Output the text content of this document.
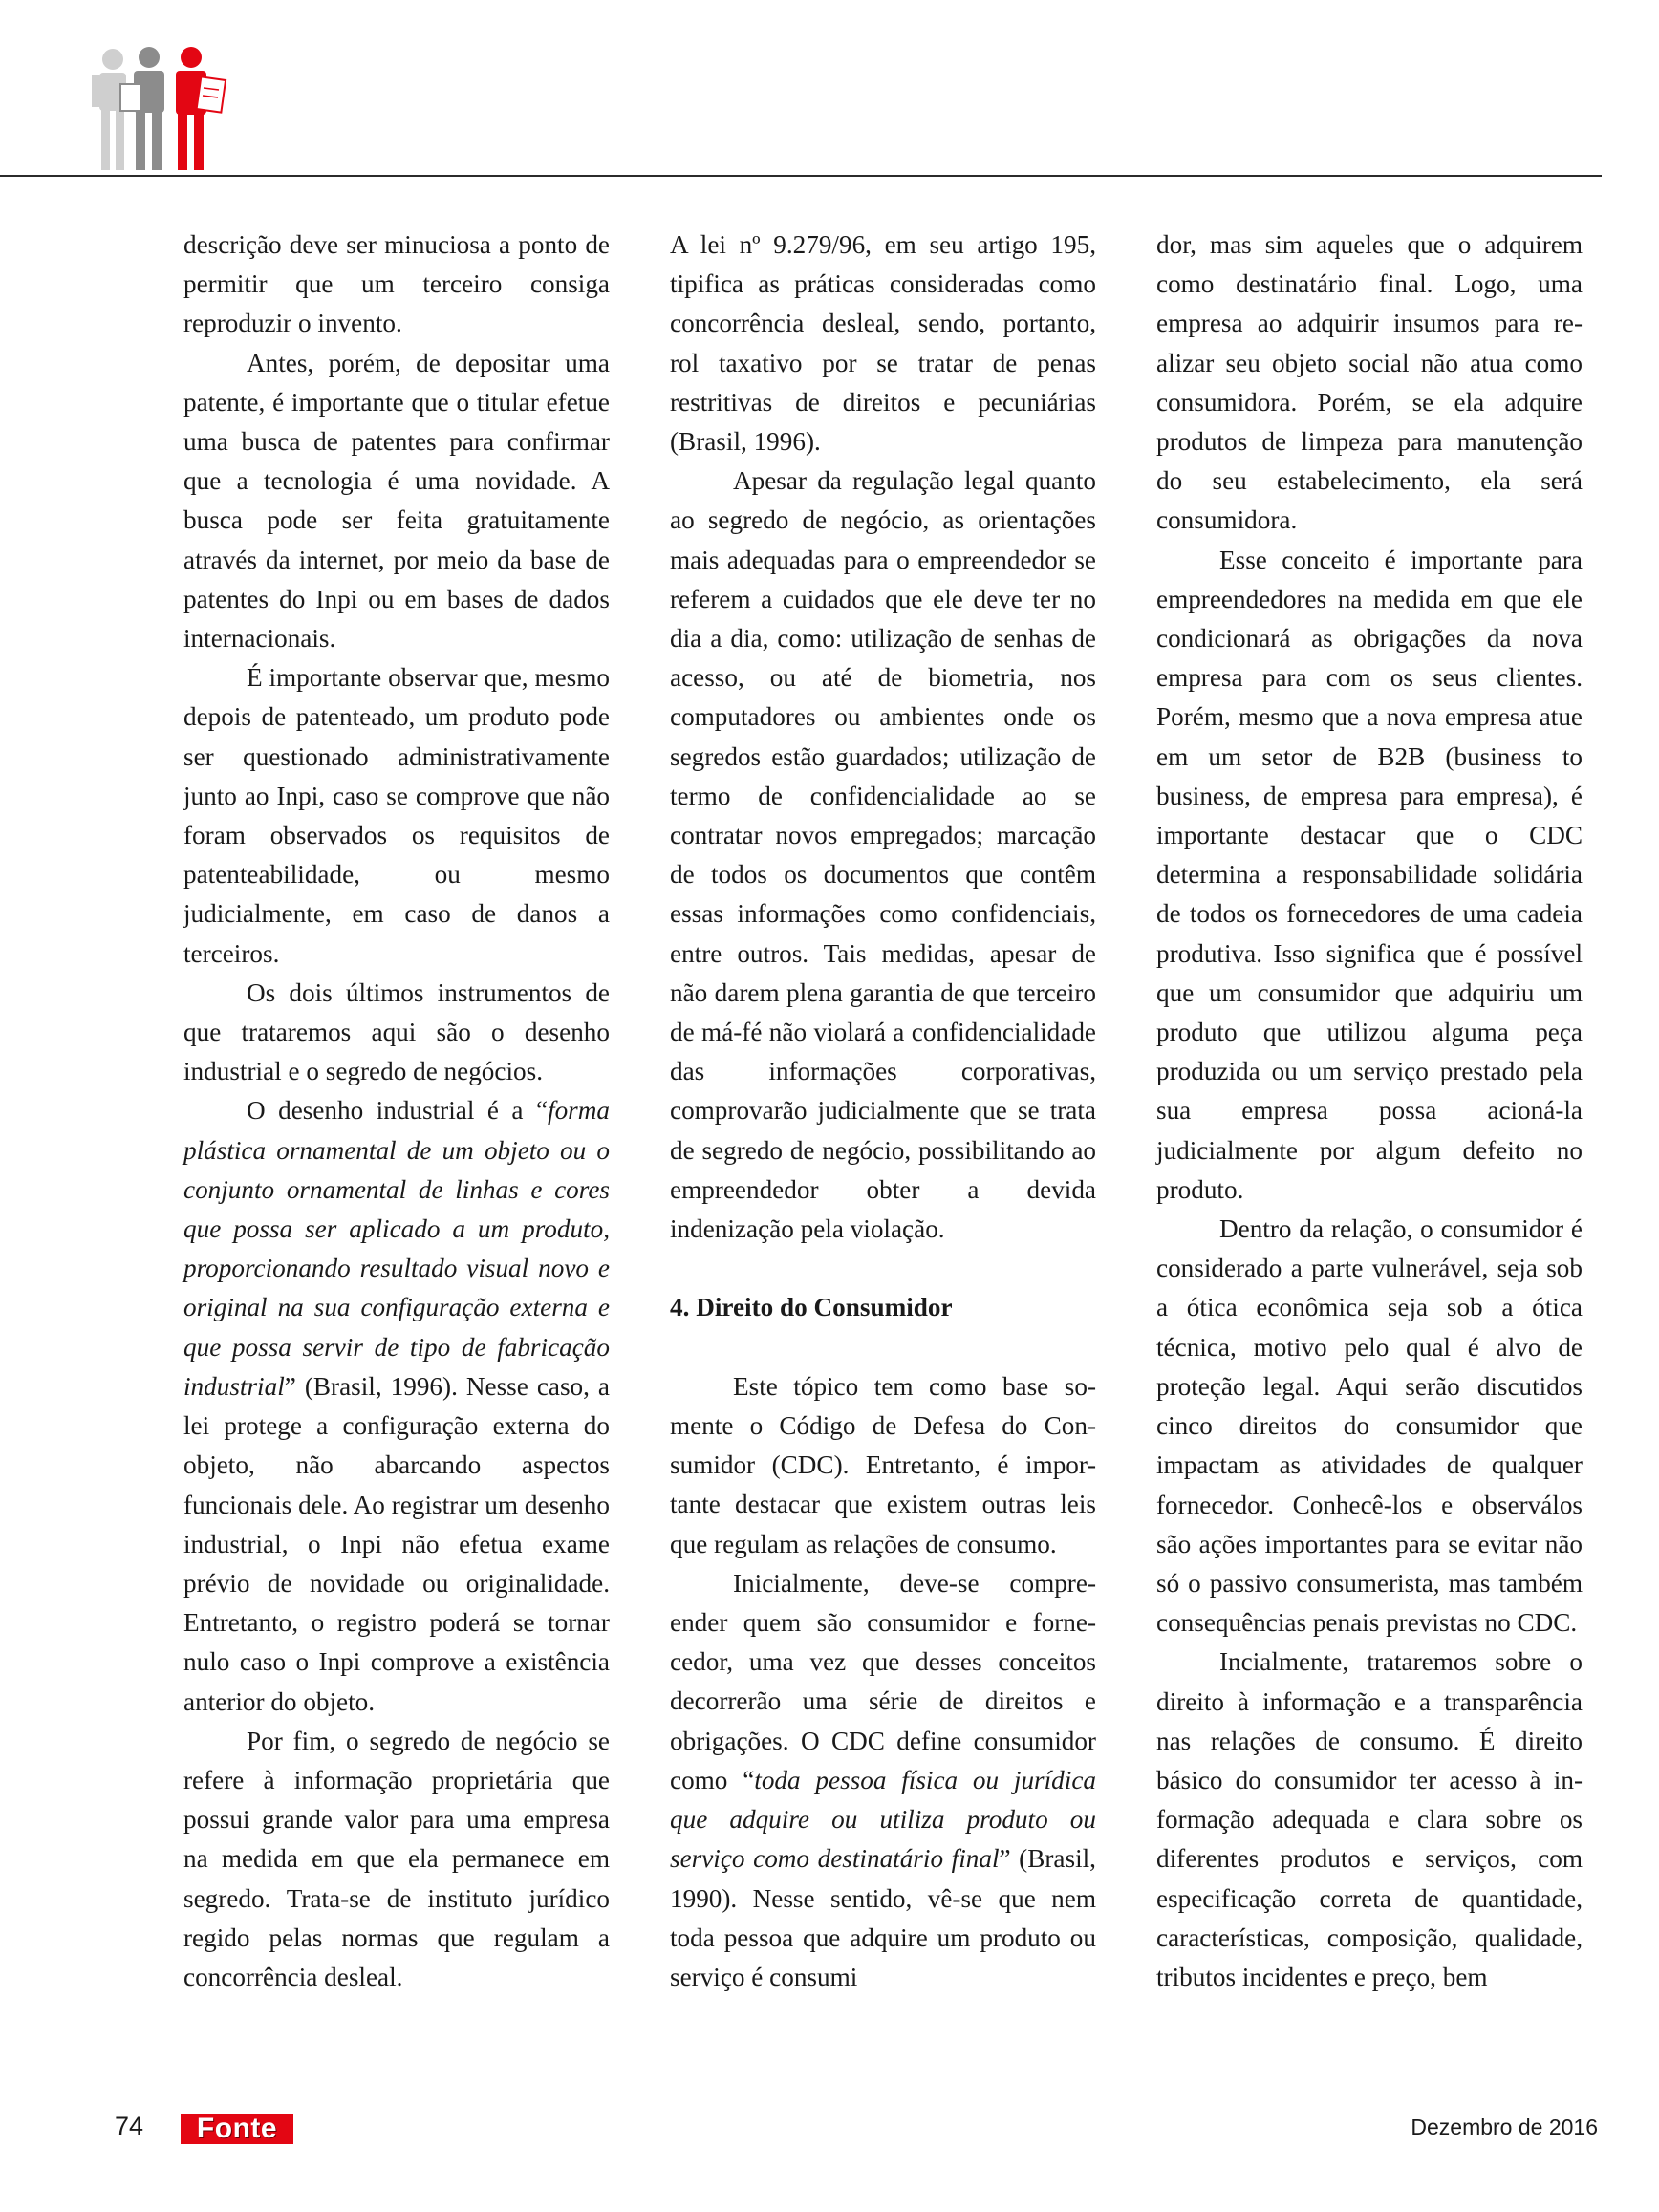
descrição deve ser minuciosa a ponto de permitir que um terceiro consiga reproduzir o invento.

Antes, porém, de depositar uma patente, é importante que o titular efetue uma busca de patentes para confirmar que a tecnologia é uma novidade. A busca pode ser feita gratuitamente através da internet, por meio da base de patentes do Inpi ou em bases de dados internacionais.

É importante observar que, mesmo depois de patenteado, um produto pode ser questionado administrativamente junto ao Inpi, caso se comprove que não foram observados os requisitos de patenteabilidade, ou mesmo judicialmente, em caso de danos a terceiros.

Os dois últimos instrumentos de que trataremos aqui são o desenho industrial e o segredo de negócios.

O desenho industrial é a “forma plástica ornamental de um objeto ou o conjunto ornamental de linhas e cores que possa ser aplicado a um produto, proporcionando resultado visual novo e original na sua configuração externa e que possa servir de tipo de fabricação industrial” (Brasil, 1996). Nesse caso, a lei protege a configuração externa do objeto, não abarcando aspectos funcionais dele. Ao registrar um desenho industrial, o Inpi não efetua exame prévio de novidade ou originalidade. Entretanto, o registro poderá se tornar nulo caso o Inpi comprove a existência anterior do objeto.

Por fim, o segredo de negócio se refere à informação proprietária que possui grande valor para uma empresa na medida em que ela permanece em segredo. Trata-se de instituto jurídico regido pelas normas que regulam a concorrência desleal.

A lei nº 9.279/96, em seu artigo 195, tipifica as práticas consideradas como concorrência desleal, sendo, portanto, rol taxativo por se tratar de penas restritivas de direitos e pecuniárias (Brasil, 1996).

Apesar da regulação legal quanto ao segredo de negócio, as orientações mais adequadas para o empreendedor se referem a cuidados que ele deve ter no dia a dia, como: utilização de senhas de acesso, ou até de biometria, nos computadores ou ambientes onde os segredos estão guardados; utilização de termo de confidencialidade ao se contratar novos empregados; marcação de todos os documentos que contêm essas informações como confidenciais, entre outros. Tais medidas, apesar de não darem plena garantia de que terceiro de má-fé não violará a confidencialidade das informações corporativas, comprovarão judicialmente que se trata de segredo de negócio, possibilitando ao empreendedor obter a devida indenização pela violação.

4. Direito do Consumidor

Este tópico tem como base somente o Código de Defesa do Consumidor (CDC). Entretanto, é importante destacar que existem outras leis que regulam as relações de consumo.

Inicialmente, deve-se compreender quem são consumidor e fornecedor, uma vez que desses conceitos decorrerão uma série de direitos e obrigações. O CDC define consumidor como “toda pessoa física ou jurídica que adquire ou utiliza produto ou serviço como destinatário final” (Brasil, 1990). Nesse sentido, vê-se que nem toda pessoa que adquire um produto ou serviço é consumi

dor, mas sim aqueles que o adquirem como destinatário final. Logo, uma empresa ao adquirir insumos para realizar seu objeto social não atua como consumidora. Porém, se ela adquire produtos de limpeza para manutenção do seu estabelecimento, ela será consumidora.

Esse conceito é importante para empreendedores na medida em que ele condicionará as obrigações da nova empresa para com os seus clientes. Porém, mesmo que a nova empresa atue em um setor de B2B (business to business, de empresa para empresa), é importante destacar que o CDC determina a responsabilidade solidária de todos os fornecedores de uma cadeia produtiva. Isso significa que é possível que um consumidor que adquiriu um produto que utilizou alguma peça produzida ou um serviço prestado pela sua empresa possa acioná-la judicialmente por algum defeito no produto.

Dentro da relação, o consumidor é considerado a parte vulnerável, seja sob a ótica econômica seja sob a ótica técnica, motivo pelo qual é alvo de proteção legal. Aqui serão discutidos cinco direitos do consumidor que impactam as atividades de qualquer fornecedor. Conhecê-los e observálos são ações importantes para se evitar não só o passivo consumerista, mas também consequências penais previstas no CDC.

Incialmente, trataremos sobre o direito à informação e a transparência nas relações de consumo. É direito básico do consumidor ter acesso à informação adequada e clara sobre os diferentes produtos e serviços, com especificação correta de quantidade, características, composição, qualidade, tributos incidentes e preço, bem

74	Fonte	Dezembro de 2016
